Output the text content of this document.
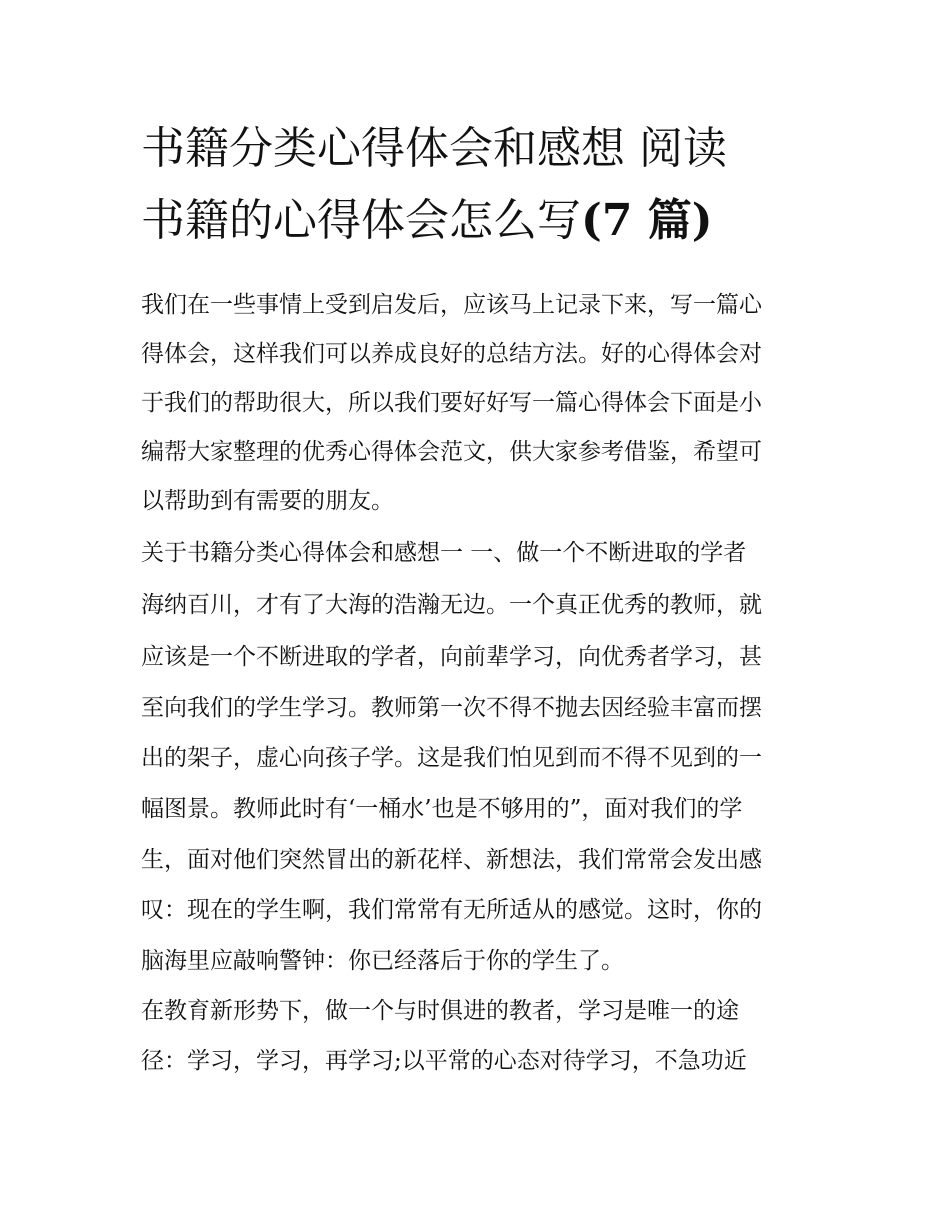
书籍分类心得体会和感想 阅读
书籍的心得体会怎么写(7 篇)
我们在一些事情上受到启发后，应该马上记录下来，写一篇心
得体会，这样我们可以养成良好的总结方法。好的心得体会对
于我们的帮助很大，所以我们要好好写一篇心得体会下面是小
编帮大家整理的优秀心得体会范文，供大家参考借鉴，希望可
以帮助到有需要的朋友。
关于书籍分类心得体会和感想一 一、做一个不断进取的学者
海纳百川，才有了大海的浩瀚无边。一个真正优秀的教师，就
应该是一个不断进取的学者，向前辈学习，向优秀者学习，甚
至向我们的学生学习。教师第一次不得不抛去因经验丰富而摆
出的架子，虚心向孩子学。这是我们怕见到而不得不见到的一
幅图景。教师此时有‘一桶水’也是不够用的”，面对我们的学
生，面对他们突然冒出的新花样、新想法，我们常常会发出感
叹：现在的学生啊，我们常常有无所适从的感觉。这时，你的
脑海里应敲响警钟：你已经落后于你的学生了。
在教育新形势下，做一个与时俱进的教者，学习是唯一的途
径：学习，学习，再学习;以平常的心态对待学习，不急功近
